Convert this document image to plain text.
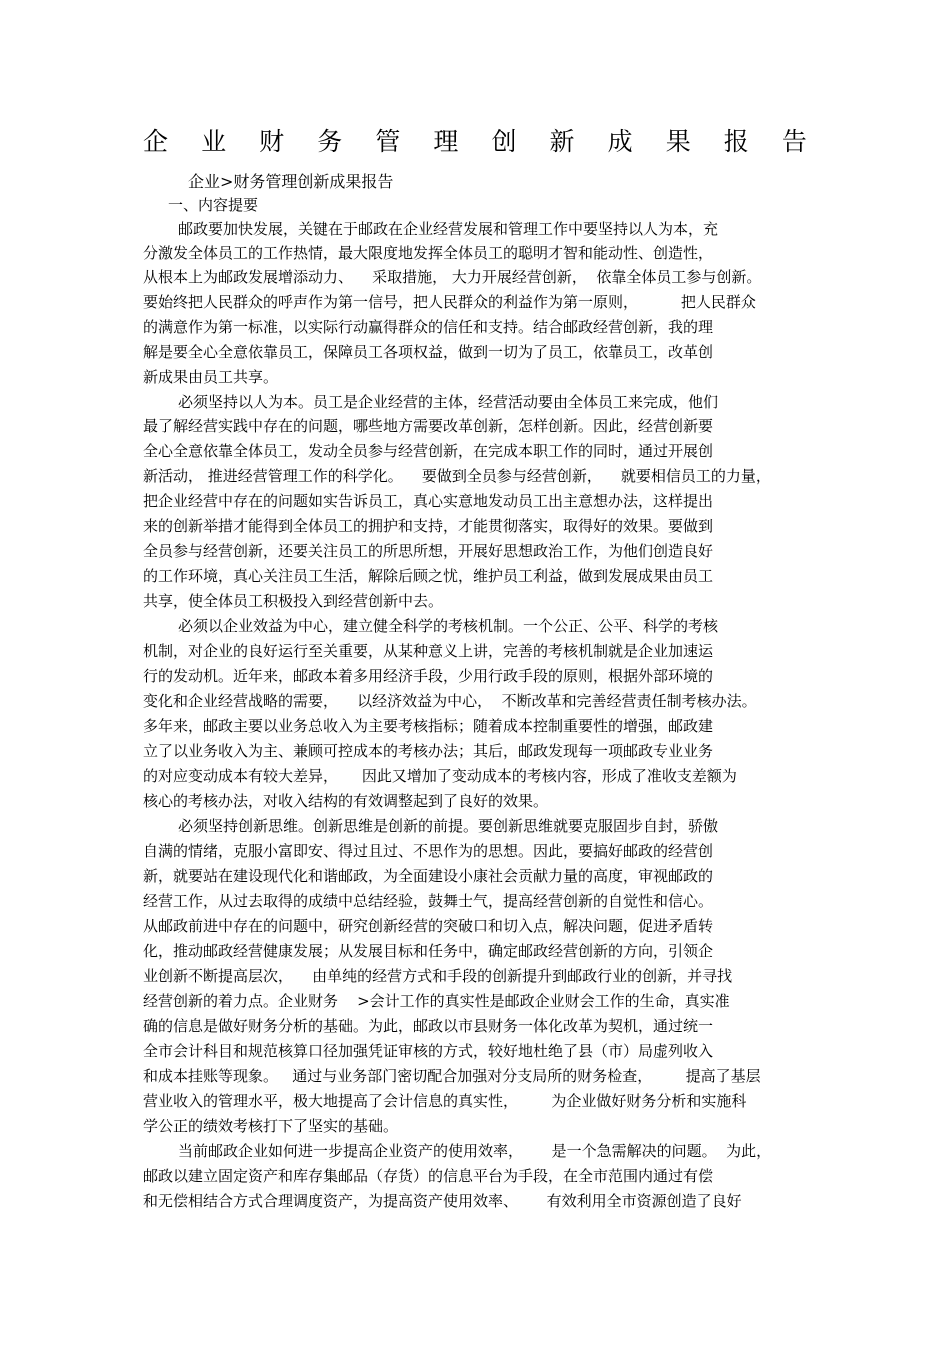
企 业 财 务 管 理 创 新 成 果 报 告
企业>财务管理创新成果报告
一、内容提要
邮政要加快发展，关键在于邮政在企业经营发展和管理工作中要坚持以人为本，充
分激发全体员工的工作热情，最大限度地发挥全体员工的聪明才智和能动性、创造性，
从根本上为邮政发展增添动力、    采取措施， 大力开展经营创新，  依靠全体员工参与创新。
要始终把人民群众的呼声作为第一信号，把人民群众的利益作为第一原则，         把人民群众
的满意作为第一标准，以实际行动赢得群众的信任和支持。结合邮政经营创新，我的理
解是要全心全意依靠员工，保障员工各项权益，做到一切为了员工，依靠员工，改革创
新成果由员工共享。
必须坚持以人为本。员工是企业经营的主体，经营活动要由全体员工来完成，他们
最了解经营实践中存在的问题，哪些地方需要改革创新，怎样创新。因此，经营创新要
全心全意依靠全体员工，发动全员参与经营创新，在完成本职工作的同时，通过开展创
新活动， 推进经营管理工作的科学化。    要做到全员参与经营创新，    就要相信员工的力量，
把企业经营中存在的问题如实告诉员工，真心实意地发动员工出主意想办法，这样提出
来的创新举措才能得到全体员工的拥护和支持，才能贯彻落实，取得好的效果。要做到
全员参与经营创新，还要关注员工的所思所想，开展好思想政治工作，为他们创造良好
的工作环境，真心关注员工生活，解除后顾之忧，维护员工利益，做到发展成果由员工
共享，使全体员工积极投入到经营创新中去。
必须以企业效益为中心，建立健全科学的考核机制。一个公正、公平、科学的考核
机制，对企业的良好运行至关重要，从某种意义上讲，完善的考核机制就是企业加速运
行的发动机。近年来，邮政本着多用经济手段，少用行政手段的原则，根据外部环境的
变化和企业经营战略的需要，    以经济效益为中心，  不断改革和完善经营责任制考核办法。
多年来，邮政主要以业务总收入为主要考核指标；随着成本控制重要性的增强，邮政建
立了以业务收入为主、兼顾可控成本的考核办法；其后，邮政发现每一项邮政专业业务
的对应变动成本有较大差异，     因此又增加了变动成本的考核内容，形成了准收支差额为
核心的考核办法，对收入结构的有效调整起到了良好的效果。
必须坚持创新思维。创新思维是创新的前提。要创新思维就要克服固步自封，骄傲
自满的情绪，克服小富即安、得过且过、不思作为的思想。因此，要搞好邮政的经营创
新，就要站在建设现代化和谐邮政，为全面建设小康社会贡献力量的高度，审视邮政的
经营工作，从过去取得的成绩中总结经验，鼓舞士气，提高经营创新的自觉性和信心。
从邮政前进中存在的问题中，研究创新经营的突破口和切入点，解决问题，促进矛盾转
化，推动邮政经营健康发展；从发展目标和任务中，确定邮政经营创新的方向，引领企
业创新不断提高层次，    由单纯的经营方式和手段的创新提升到邮政行业的创新，并寻找
经营创新的着力点。企业财务    >会计工作的真实性是邮政企业财会工作的生命，真实准
确的信息是做好财务分析的基础。为此，邮政以市县财务一体化改革为契机，通过统一
全市会计科目和规范核算口径加强凭证审核的方式，较好地杜绝了县（市）局虚列收入
和成本挂账等现象。   通过与业务部门密切配合加强对分支局所的财务检查，       提高了基层
营业收入的管理水平，极大地提高了会计信息的真实性，       为企业做好财务分析和实施科
学公正的绩效考核打下了坚实的基础。
当前邮政企业如何进一步提高企业资产的使用效率，      是一个急需解决的问题。  为此，
邮政以建立固定资产和库存集邮品（存货）的信息平台为手段，在全市范围内通过有偿
和无偿相结合方式合理调度资产，为提高资产使用效率、      有效利用全市资源创造了良好
